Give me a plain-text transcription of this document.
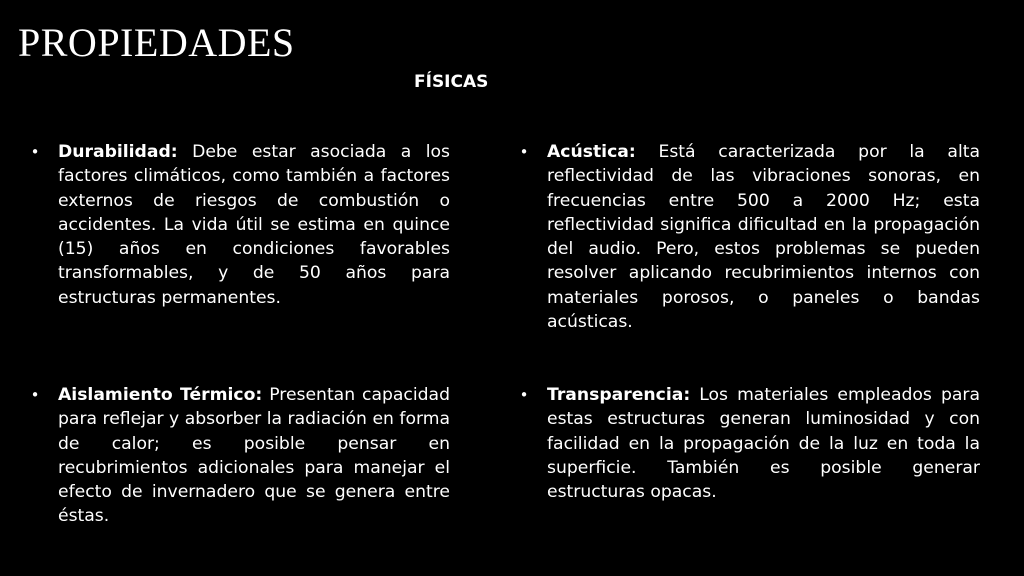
PROPIEDADES
FÍSICAS

• Durabilidad: Debe estar asociada a los factores climáticos, como también a factores externos de riesgos de combustión o accidentes. La vida útil se estima en quince (15) años en condiciones favorables transformables, y de 50 años para estructuras permanentes.

• Acústica: Está caracterizada por la alta reflectividad de las vibraciones sonoras, en frecuencias entre 500 a 2000 Hz; esta reflectividad significa dificultad en la propagación del audio. Pero, estos problemas se pueden resolver aplicando recubrimientos internos con materiales porosos, o paneles o bandas acústicas.

• Aislamiento Térmico: Presentan capacidad para reflejar y absorber la radiación en forma de calor; es posible pensar en recubrimientos adicionales para manejar el efecto de invernadero que se genera entre éstas.

• Transparencia: Los materiales empleados para estas estructuras generan luminosidad y con facilidad en la propagación de la luz en toda la superficie. También es posible generar estructuras opacas.
